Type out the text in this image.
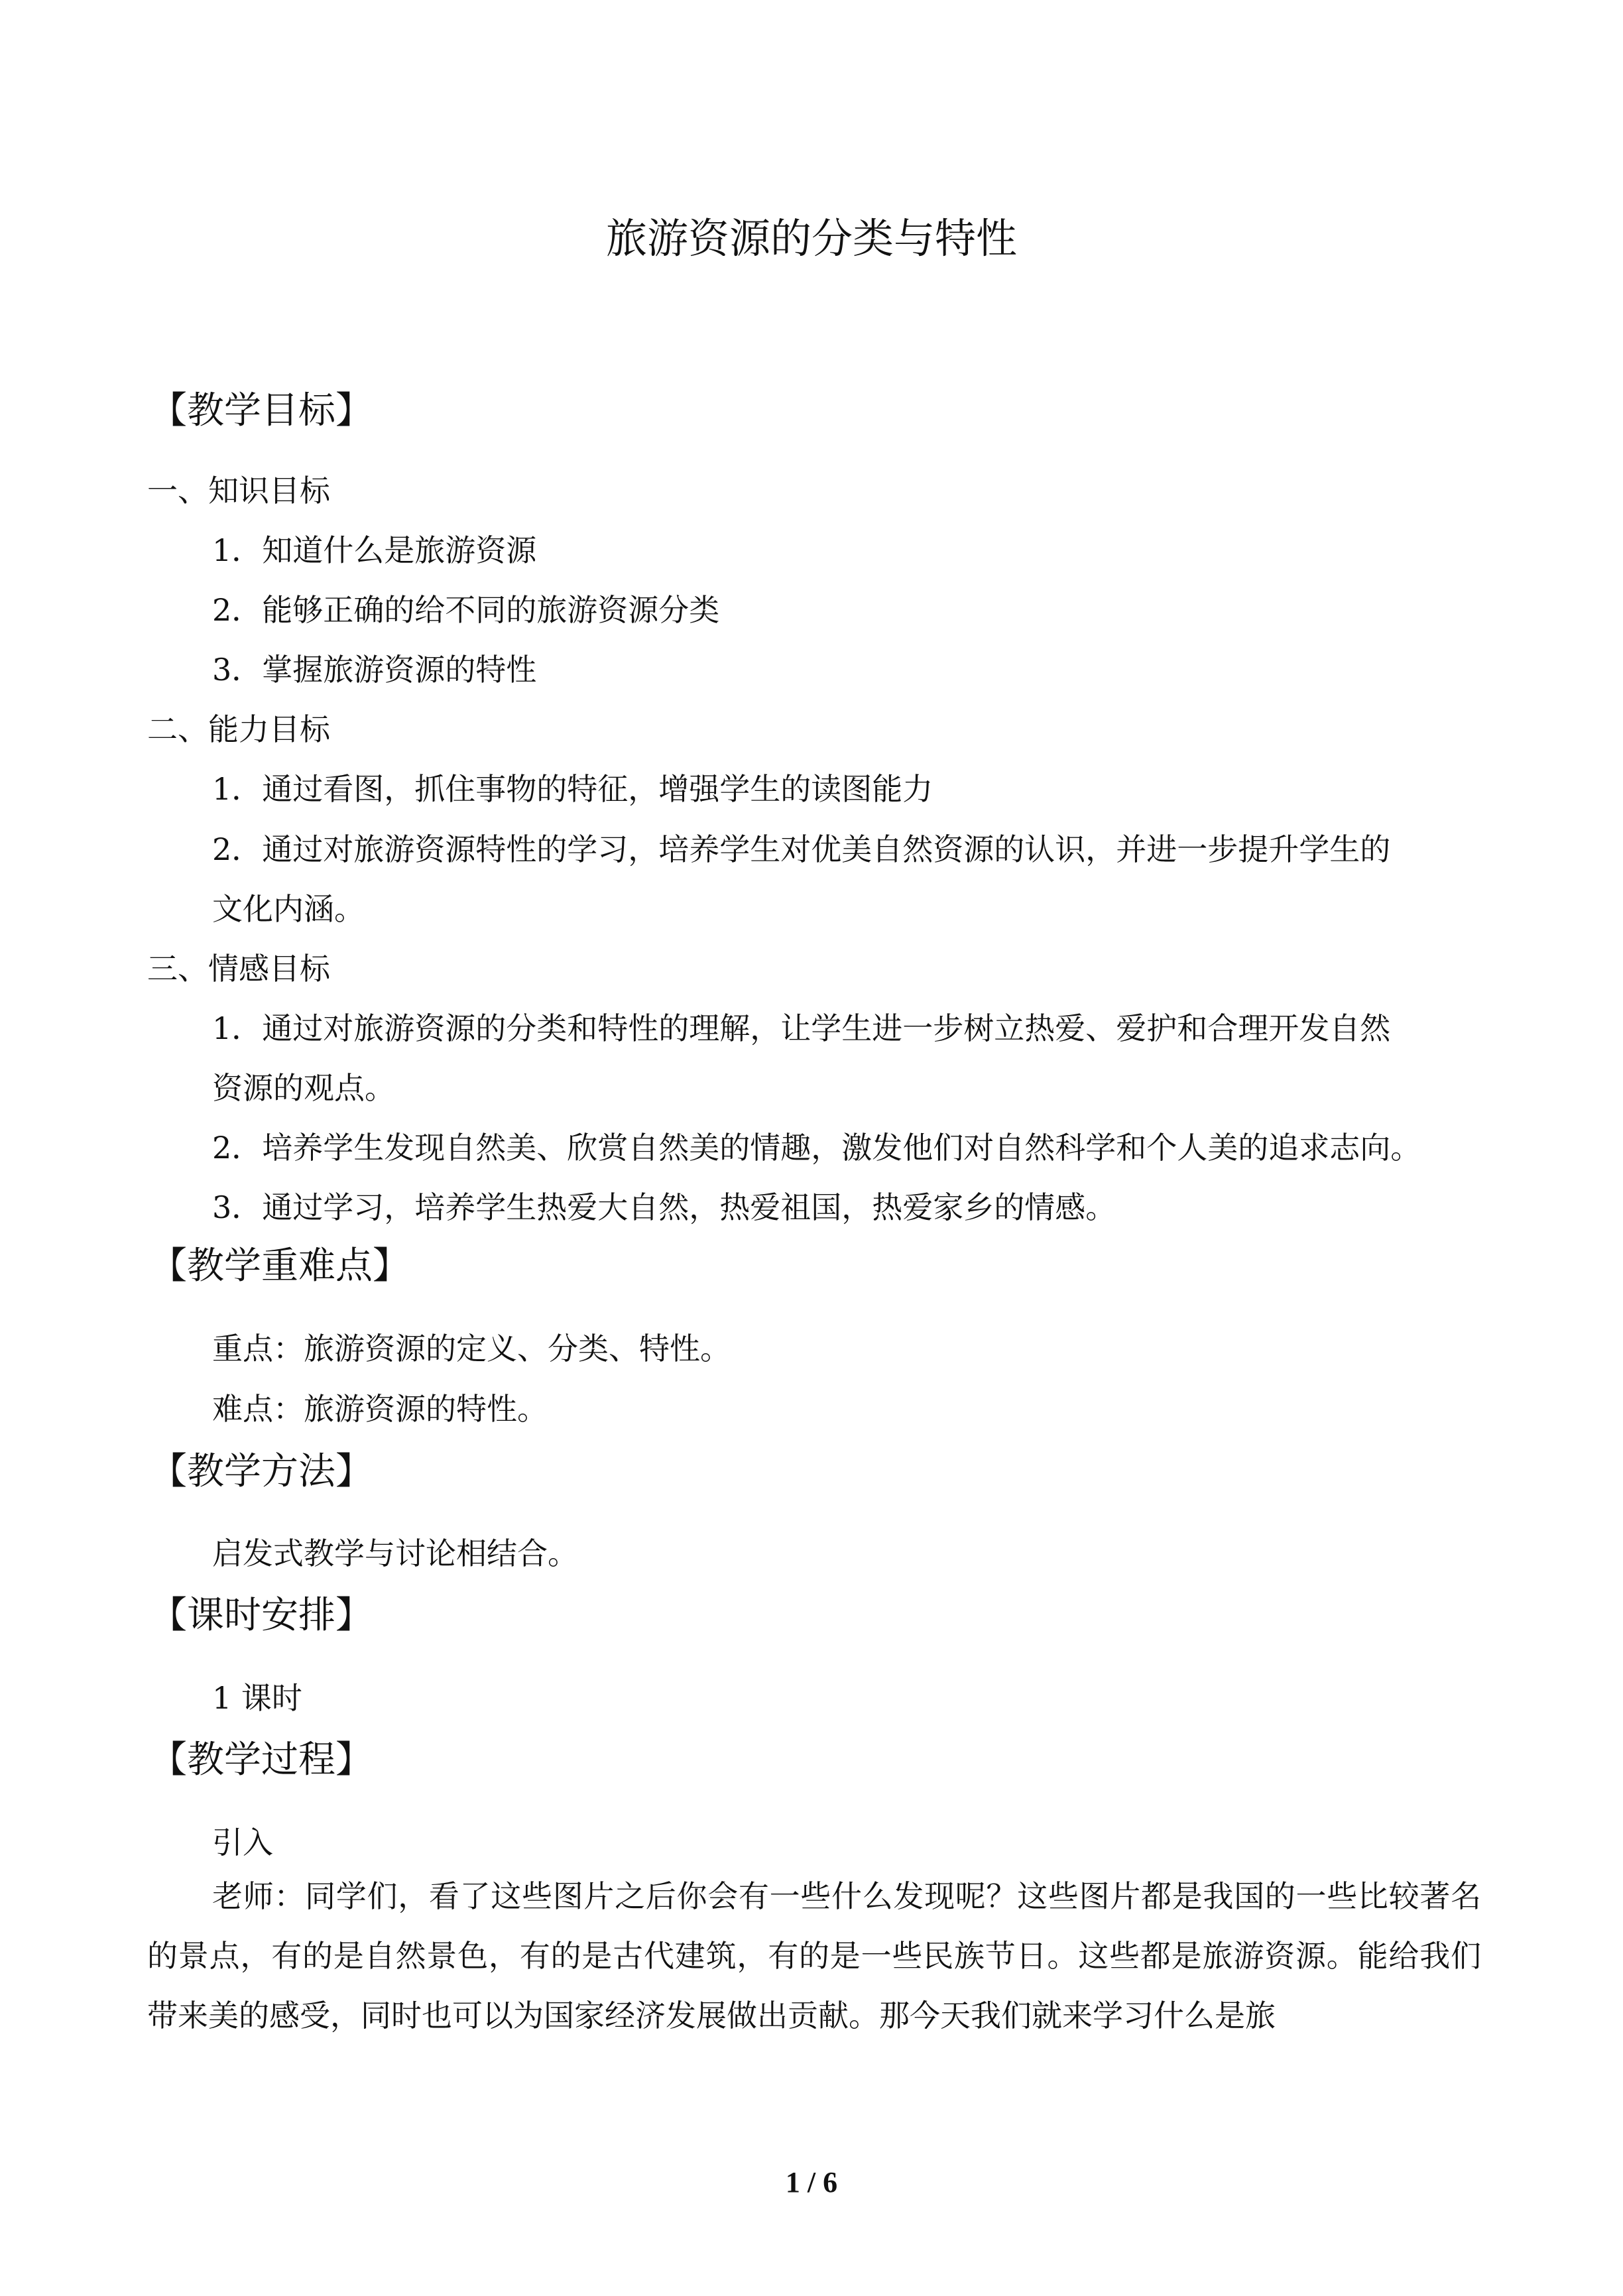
旅游资源的分类与特性
【教学目标】
一、知识目标
1．知道什么是旅游资源
2．能够正确的给不同的旅游资源分类
3．掌握旅游资源的特性
二、能力目标
1．通过看图，抓住事物的特征，增强学生的读图能力
2．通过对旅游资源特性的学习，培养学生对优美自然资源的认识，并进一步提升学生的
文化内涵。
三、情感目标
1．通过对旅游资源的分类和特性的理解，让学生进一步树立热爱、爱护和合理开发自然
资源的观点。
2．培养学生发现自然美、欣赏自然美的情趣，激发他们对自然科学和个人美的追求志向。
3．通过学习，培养学生热爱大自然，热爱祖国，热爱家乡的情感。
【教学重难点】
重点：旅游资源的定义、分类、特性。
难点：旅游资源的特性。
【教学方法】
启发式教学与讨论相结合。
【课时安排】
1 课时
【教学过程】
引入

老师：同学们，看了这些图片之后你会有一些什么发现呢？这些图片都是我国的一些比较著名的景点，有的是自然景色，有的是古代建筑，有的是一些民族节日。这些都是旅游资源。能给我们带来美的感受，同时也可以为国家经济发展做出贡献。那今天我们就来学习什么是旅

1 / 6
